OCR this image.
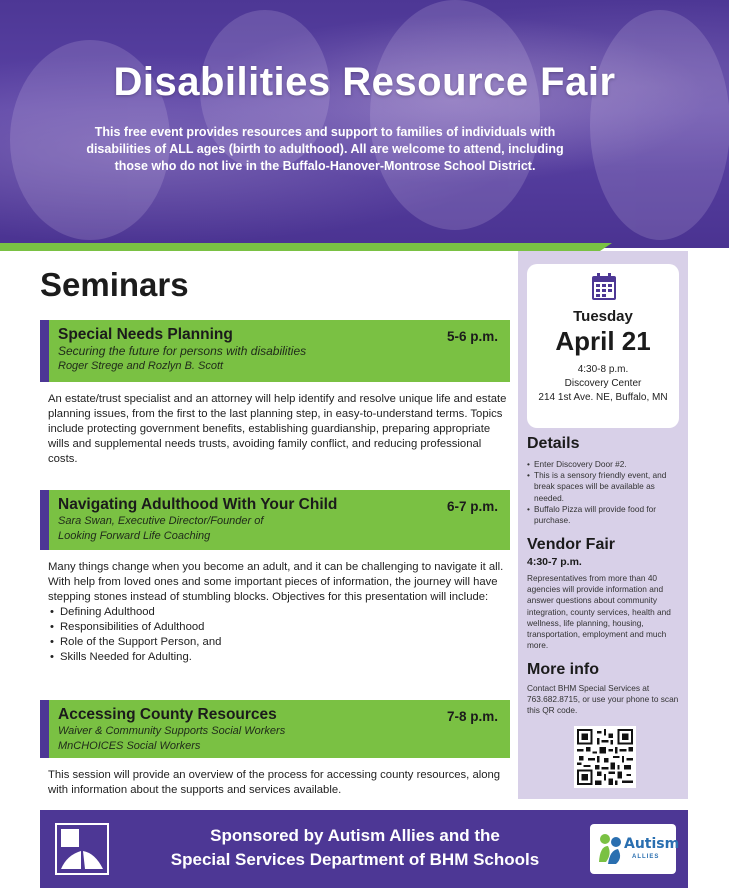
Disabilities Resource Fair

This free event provides resources and support to families of individuals with disabilities of ALL ages (birth to adulthood). All are welcome to attend, including those who do not live in the Buffalo-Hanover-Montrose School District.

Seminars
Special Needs Planning	5-6 p.m.
Securing the future for persons with disabilities
Roger Strege and Rozlyn B. Scott
An estate/trust specialist and an attorney will help identify and resolve unique life and estate planning issues, from the first to the last planning step, in easy-to-understand terms. Topics include protecting government benefits, establishing guardianship, preparing appropriate wills and supplemental needs trusts, avoiding family conflict, and reducing professional costs.
Navigating Adulthood With Your Child	6-7 p.m.
Sara Swan, Executive Director/Founder of
Looking Forward Life Coaching
Many things change when you become an adult, and it can be challenging to navigate it all. With help from loved ones and some important pieces of information, the journey will have stepping stones instead of stumbling blocks. Objectives for this presentation will include:
• Defining Adulthood
• Responsibilities of Adulthood
• Role of the Support Person, and
• Skills Needed for Adulting.
Accessing County Resources	7-8 p.m.
Waiver & Community Supports Social Workers
MnCHOICES Social Workers
This session will provide an overview of the process for accessing county resources, along with information about the supports and services available.
Tuesday
April 21
4:30-8 p.m.
Discovery Center
214 1st Ave. NE, Buffalo, MN
Details
• Enter Discovery Door #2.
• This is a sensory friendly event, and break spaces will be available as needed.
• Buffalo Pizza will provide food for purchase.
Vendor Fair
4:30-7 p.m.
Representatives from more than 40 agencies will provide information and answer questions about community integration, county services, health and wellness, life planning, housing, transportation, employment and much more.
More info
Contact BHM Special Services at 763.682.8715, or use your phone to scan this QR code.
Sponsored by Autism Allies and the
Special Services Department of BHM Schools
Autism
ALLIES
